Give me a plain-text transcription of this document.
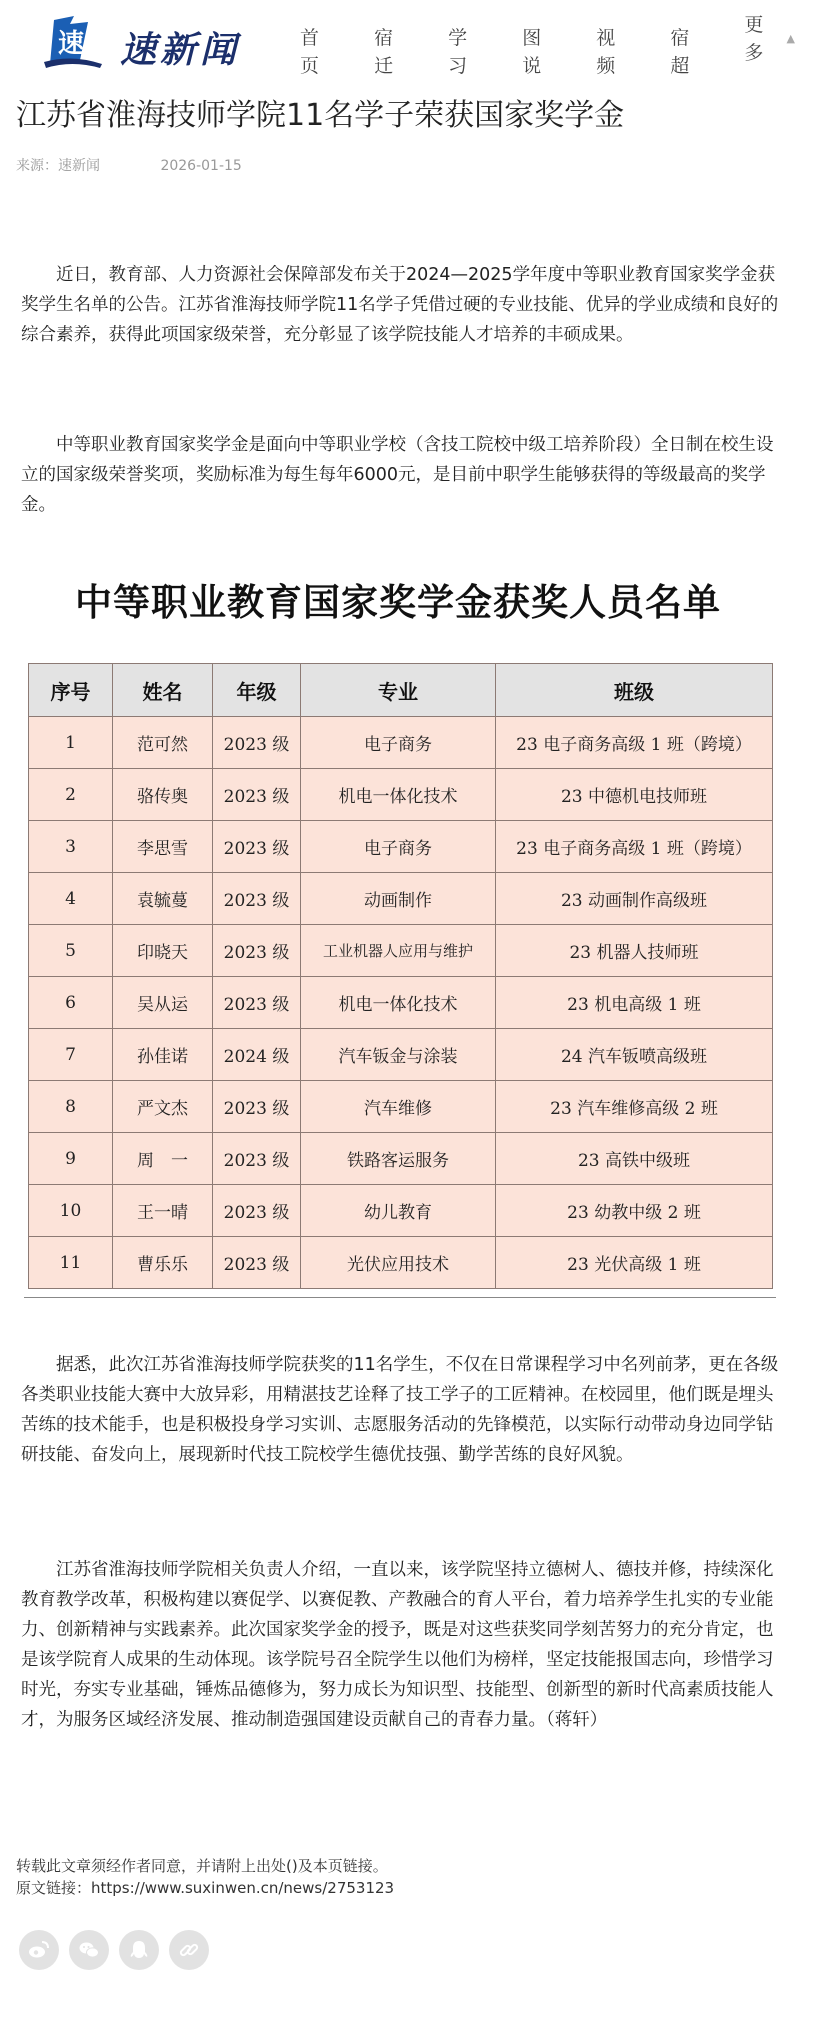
速 速新闻	首页
宿迁
学习
图说
视频
宿超
更多
▲
江苏省淮海技师学院11名学子荣获国家奖学金
来源：速新闻	2026-01-15

近日，教育部、人力资源社会保障部发布关于2024—2025学年度中等职业教育国家奖学金获奖学生名单的公告。江苏省淮海技师学院11名学子凭借过硬的专业技能、优异的学业成绩和良好的综合素养，获得此项国家级荣誉，充分彰显了该学院技能人才培养的丰硕成果。

中等职业教育国家奖学金是面向中等职业学校（含技工院校中级工培养阶段）全日制在校生设立的国家级荣誉奖项，奖励标准为每生每年6000元，是目前中职学生能够获得的等级最高的奖学金。

中等职业教育国家奖学金获奖人员名单
序号	姓名	年级	专业	班级
1	范可然	2023 级	电子商务	23 电子商务高级 1 班（跨境）
2	骆传奥	2023 级	机电一体化技术	23 中德机电技师班
3	李思雪	2023 级	电子商务	23 电子商务高级 1 班（跨境）
4	袁毓蔓	2023 级	动画制作	23 动画制作高级班
5	印晓天	2023 级	工业机器人应用与维护	23 机器人技师班
6	吴从运	2023 级	机电一体化技术	23 机电高级 1 班
7	孙佳诺	2024 级	汽车钣金与涂装	24 汽车钣喷高级班
8	严文杰	2023 级	汽车维修	23 汽车维修高级 2 班
9	周　一	2023 级	铁路客运服务	23 高铁中级班
10	王一晴	2023 级	幼儿教育	23 幼教中级 2 班
11	曹乐乐	2023 级	光伏应用技术	23 光伏高级 1 班

据悉，此次江苏省淮海技师学院获奖的11名学生，不仅在日常课程学习中名列前茅，更在各级各类职业技能大赛中大放异彩，用精湛技艺诠释了技工学子的工匠精神。在校园里，他们既是埋头苦练的技术能手，也是积极投身学习实训、志愿服务活动的先锋模范，以实际行动带动身边同学钻研技能、奋发向上，展现新时代技工院校学生德优技强、勤学苦练的良好风貌。

江苏省淮海技师学院相关负责人介绍，一直以来，该学院坚持立德树人、德技并修，持续深化教育教学改革，积极构建以赛促学、以赛促教、产教融合的育人平台，着力培养学生扎实的专业能力、创新精神与实践素养。此次国家奖学金的授予，既是对这些获奖同学刻苦努力的充分肯定，也是该学院育人成果的生动体现。该学院号召全院学生以他们为榜样，坚定技能报国志向，珍惜学习时光，夯实专业基础，锤炼品德修为，努力成长为知识型、技能型、创新型的新时代高素质技能人才，为服务区域经济发展、推动制造强国建设贡献自己的青春力量。（蒋轩）

转载此文章须经作者同意，并请附上出处()及本页链接。
原文链接：https://www.suxinwen.cn/news/2753123
